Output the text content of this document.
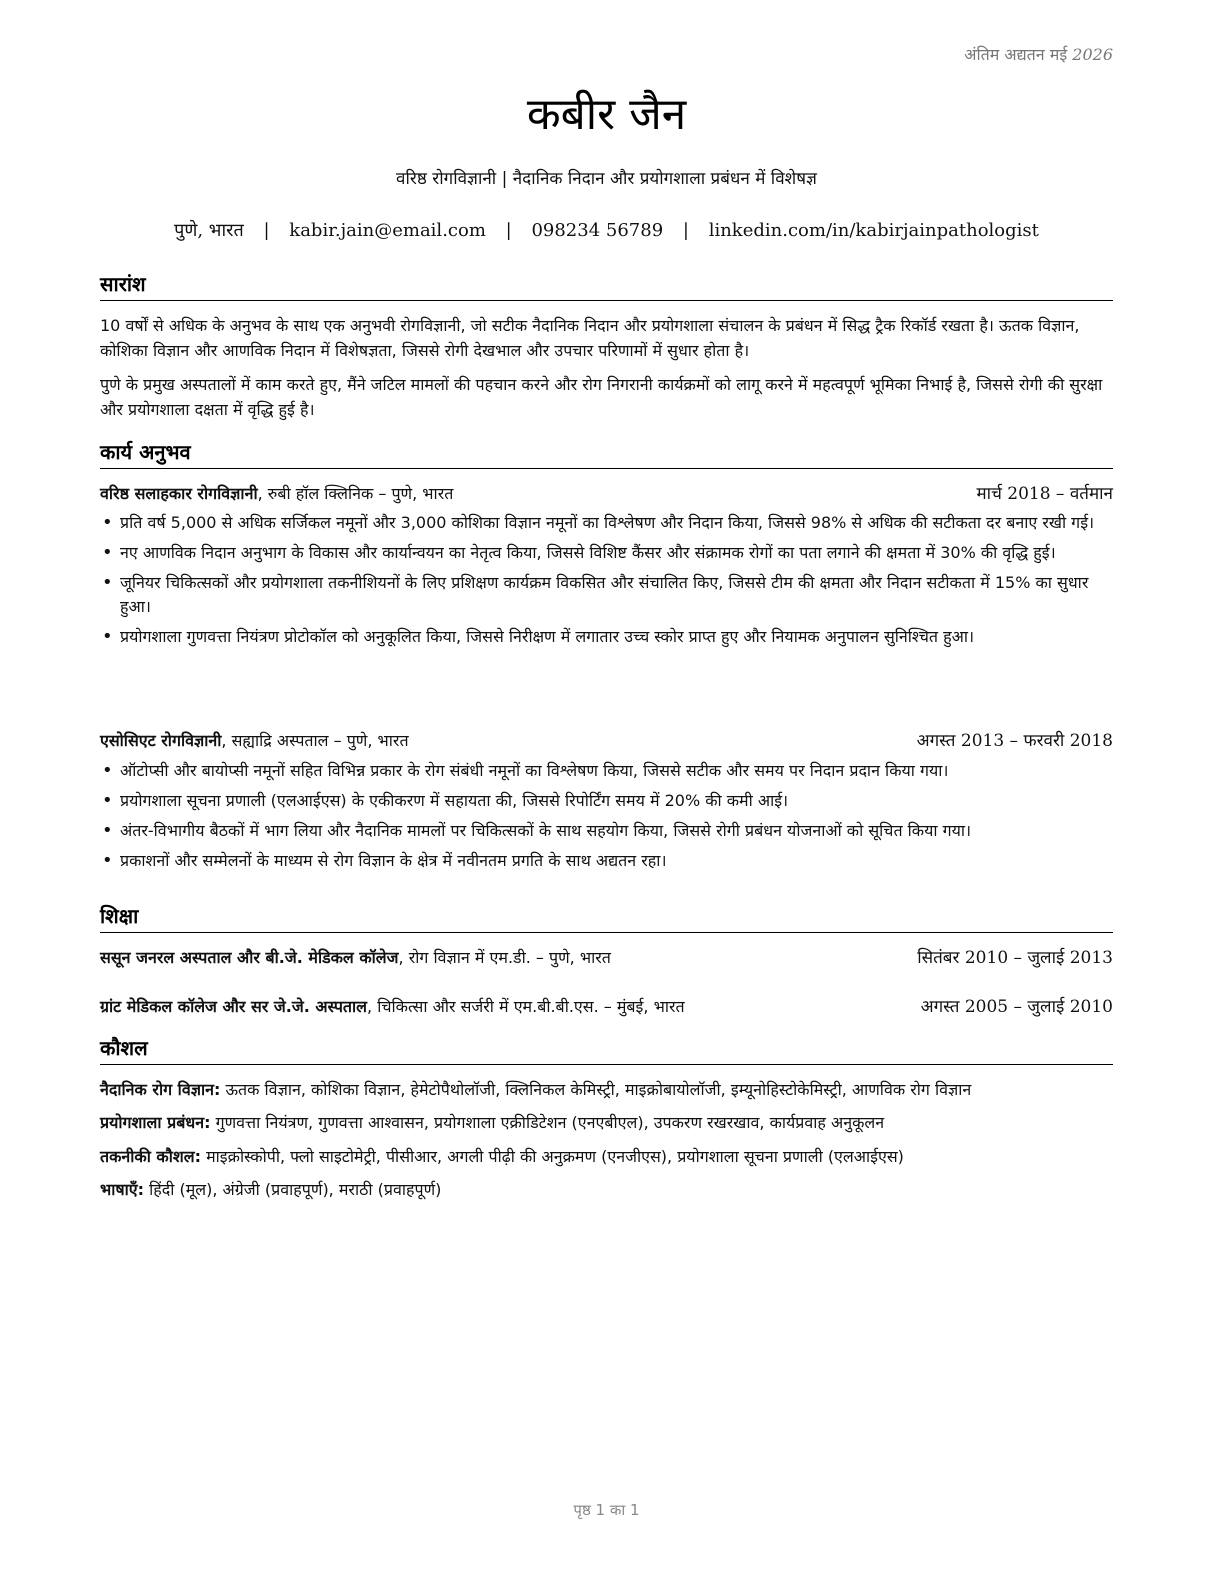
अंतिम अद्यतन मई 2026
कबीर जैन
वरिष्ठ रोगविज्ञानी | नैदानिक निदान और प्रयोगशाला प्रबंधन में विशेषज्ञ
पुणे, भारत | kabir.jain@email.com | 098234 56789 | linkedin.com/in/kabirjainpathologist
सारांश
10 वर्षों से अधिक के अनुभव के साथ एक अनुभवी रोगविज्ञानी, जो सटीक नैदानिक निदान और प्रयोगशाला संचालन के प्रबंधन में सिद्ध ट्रैक रिकॉर्ड रखता है। ऊतक विज्ञान, कोशिका विज्ञान और आणविक निदान में विशेषज्ञता, जिससे रोगी देखभाल और उपचार परिणामों में सुधार होता है।
पुणे के प्रमुख अस्पतालों में काम करते हुए, मैंने जटिल मामलों की पहचान करने और रोग निगरानी कार्यक्रमों को लागू करने में महत्वपूर्ण भूमिका निभाई है, जिससे रोगी की सुरक्षा और प्रयोगशाला दक्षता में वृद्धि हुई है।
कार्य अनुभव
वरिष्ठ सलाहकार रोगविज्ञानी, रुबी हॉल क्लिनिक – पुणे, भारत	मार्च 2018 – वर्तमान
• प्रति वर्ष 5,000 से अधिक सर्जिकल नमूनों और 3,000 कोशिका विज्ञान नमूनों का विश्लेषण और निदान किया, जिससे 98% से अधिक की सटीकता दर बनाए रखी गई।
• नए आणविक निदान अनुभाग के विकास और कार्यान्वयन का नेतृत्व किया, जिससे विशिष्ट कैंसर और संक्रामक रोगों का पता लगाने की क्षमता में 30% की वृद्धि हुई।
• जूनियर चिकित्सकों और प्रयोगशाला तकनीशियनों के लिए प्रशिक्षण कार्यक्रम विकसित और संचालित किए, जिससे टीम की क्षमता और निदान सटीकता में 15% का सुधार हुआ।
• प्रयोगशाला गुणवत्ता नियंत्रण प्रोटोकॉल को अनुकूलित किया, जिससे निरीक्षण में लगातार उच्च स्कोर प्राप्त हुए और नियामक अनुपालन सुनिश्चित हुआ।
एसोसिएट रोगविज्ञानी, सह्याद्रि अस्पताल – पुणे, भारत	अगस्त 2013 – फरवरी 2018
• ऑटोप्सी और बायोप्सी नमूनों सहित विभिन्न प्रकार के रोग संबंधी नमूनों का विश्लेषण किया, जिससे सटीक और समय पर निदान प्रदान किया गया।
• प्रयोगशाला सूचना प्रणाली (एलआईएस) के एकीकरण में सहायता की, जिससे रिपोर्टिंग समय में 20% की कमी आई।
• अंतर-विभागीय बैठकों में भाग लिया और नैदानिक मामलों पर चिकित्सकों के साथ सहयोग किया, जिससे रोगी प्रबंधन योजनाओं को सूचित किया गया।
• प्रकाशनों और सम्मेलनों के माध्यम से रोग विज्ञान के क्षेत्र में नवीनतम प्रगति के साथ अद्यतन रहा।
शिक्षा
ससून जनरल अस्पताल और बी.जे. मेडिकल कॉलेज, रोग विज्ञान में एम.डी. – पुणे, भारत	सितंबर 2010 – जुलाई 2013
ग्रांट मेडिकल कॉलेज और सर जे.जे. अस्पताल, चिकित्सा और सर्जरी में एम.बी.बी.एस. – मुंबई, भारत	अगस्त 2005 – जुलाई 2010
कौशल
नैदानिक रोग विज्ञान: ऊतक विज्ञान, कोशिका विज्ञान, हेमेटोपैथोलॉजी, क्लिनिकल केमिस्ट्री, माइक्रोबायोलॉजी, इम्यूनोहिस्टोकेमिस्ट्री, आणविक रोग विज्ञान
प्रयोगशाला प्रबंधन: गुणवत्ता नियंत्रण, गुणवत्ता आश्वासन, प्रयोगशाला एक्रीडिटेशन (एनएबीएल), उपकरण रखरखाव, कार्यप्रवाह अनुकूलन
तकनीकी कौशल: माइक्रोस्कोपी, फ्लो साइटोमेट्री, पीसीआर, अगली पीढ़ी की अनुक्रमण (एनजीएस), प्रयोगशाला सूचना प्रणाली (एलआईएस)
भाषाएँ: हिंदी (मूल), अंग्रेजी (प्रवाहपूर्ण), मराठी (प्रवाहपूर्ण)
पृष्ठ 1 का 1
